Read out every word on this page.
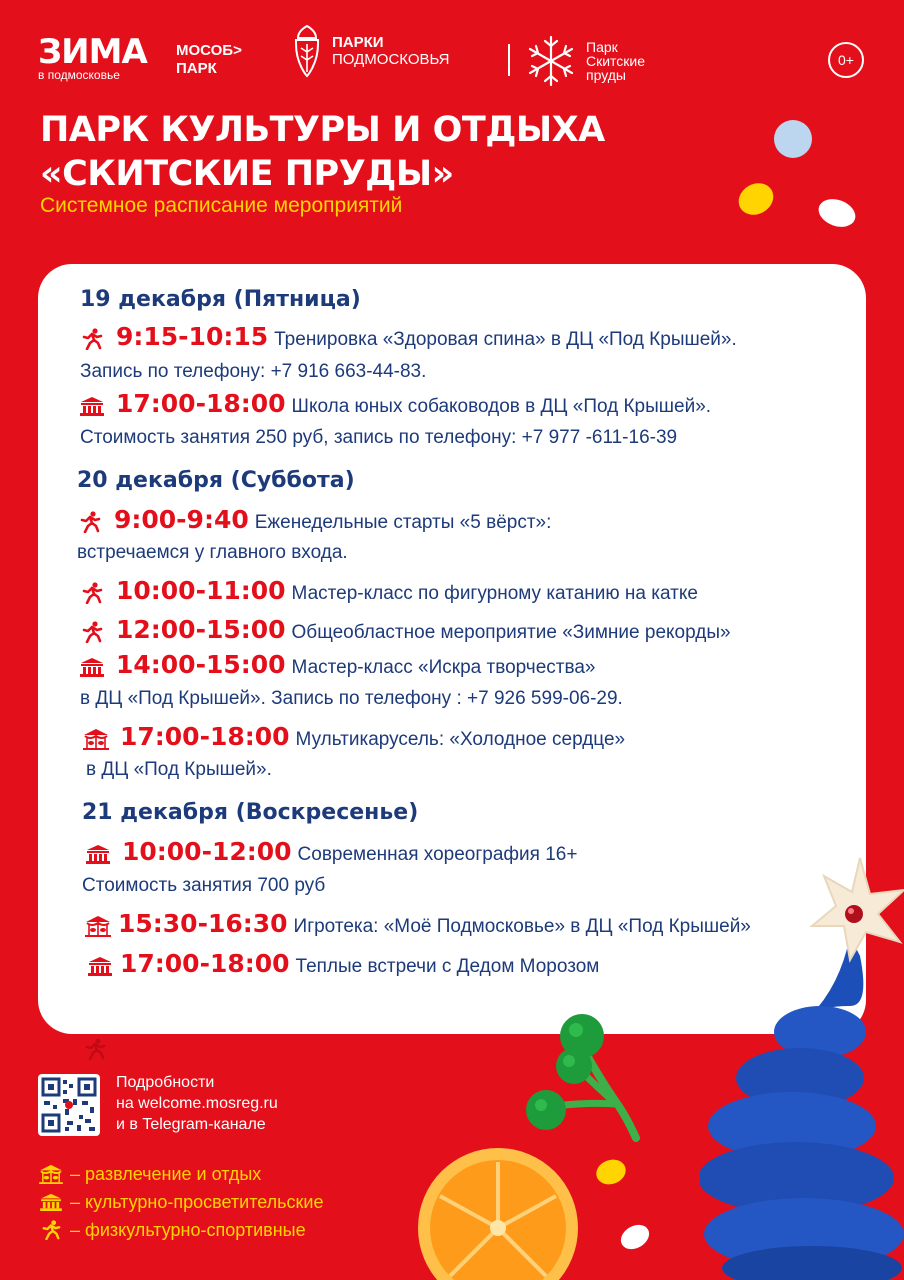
ЗИМА
в подмосковье
МОСОБ>
ПАРК
ПАРКИ
ПОДМОСКОВЬЯ
Парк
Скитские
пруды
0+
ПАРК КУЛЬТУРЫ И ОТДЫХА
«СКИТСКИЕ ПРУДЫ»

Системное расписание мероприятий

19 декабря (Пятница)
9:15-10:15 Тренировка «Здоровая спина» в ДЦ «Под Крышей».
Запись по телефону: +7 916 663-44-83.
17:00-18:00 Школа юных собаководов в ДЦ «Под Крышей».
Стоимость занятия 250 руб, запись по телефону: +7 977 -611-16-39
20 декабря (Суббота)
9:00-9:40 Еженедельные старты «5 вёрст»:
встречаемся у главного входа.
10:00-11:00 Мастер-класс по фигурному катанию на катке
12:00-15:00 Общеобластное мероприятие «Зимние рекорды»
14:00-15:00 Мастер-класс «Искра творчества»
в ДЦ «Под Крышей». Запись по телефону : +7 926 599-06-29.
17:00-18:00 Мультикарусель: «Холодное сердце»
в ДЦ «Под Крышей».
21 декабря (Воскресенье)
10:00-12:00 Современная хореография 16+
Стоимость занятия 700 руб
15:30-16:30 Игротека: «Моё Подмосковье» в ДЦ «Под Крышей»
17:00-18:00 Теплые встречи с Дедом Морозом
Подробности
на welcome.mosreg.ru
и в Telegram-канале
– развлечение и отдых
– культурно-просветительские
– физкультурно-спортивные
